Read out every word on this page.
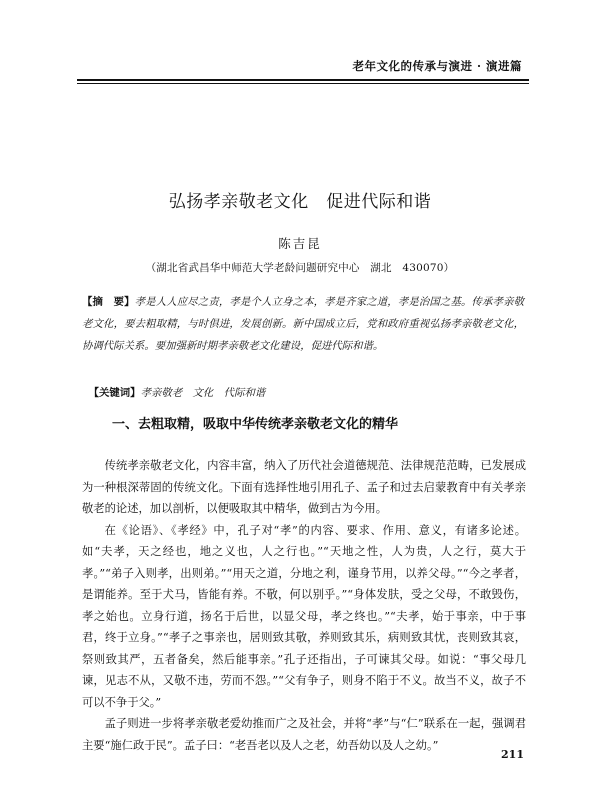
老年文化的传承与演进 · 演进篇
弘扬孝亲敬老文化　促进代际和谐
陈吉昆
（湖北省武昌华中师范大学老龄问题研究中心　湖北　430070）
【摘　要】孝是人人应尽之责，孝是个人立身之本，孝是齐家之道，孝是治国之基。传承孝亲敬老文化，要去粗取精，与时俱进，发展创新。新中国成立后，党和政府重视弘扬孝亲敬老文化，协调代际关系。要加强新时期孝亲敬老文化建设，促进代际和谐。

【关键词】孝亲敬老　文化　代际和谐

一、去粗取精，吸取中华传统孝亲敬老文化的精华

传统孝亲敬老文化，内容丰富，纳入了历代社会道德规范、法律规范范畴，已发展成为一种根深蒂固的传统文化。下面有选择性地引用孔子、孟子和过去启蒙教育中有关孝亲敬老的论述，加以剖析，以便吸取其中精华，做到古为今用。

在《论语》、《孝经》中，孔子对“孝”的内容、要求、作用、意义，有诸多论述。如“夫孝，天之经也，地之义也，人之行也。”“天地之性，人为贵，人之行，莫大于孝。”“弟子入则孝，出则弟。”“用天之道，分地之利，谨身节用，以养父母。”“今之孝者，是谓能养。至于犬马，皆能有养。不敬，何以别乎。”“身体发肤，受之父母，不敢毁伤，孝之始也。立身行道，扬名于后世，以显父母，孝之终也。”“夫孝，始于事亲，中于事君，终于立身。”“孝子之事亲也，居则致其敬，养则致其乐，病则致其忧，丧则致其哀，祭则致其严，五者备矣，然后能事亲。”孔子还指出，子可谏其父母。如说：“事父母几谏，见志不从，又敬不违，劳而不怨。”“父有争子，则身不陷于不义。故当不义，故子不可以不争于父。”

孟子则进一步将孝亲敬老爱幼推而广之及社会，并将“孝”与“仁”联系在一起，强调君主要“施仁政于民”。孟子曰：“老吾老以及人之老，幼吾幼以及人之幼。”

211
